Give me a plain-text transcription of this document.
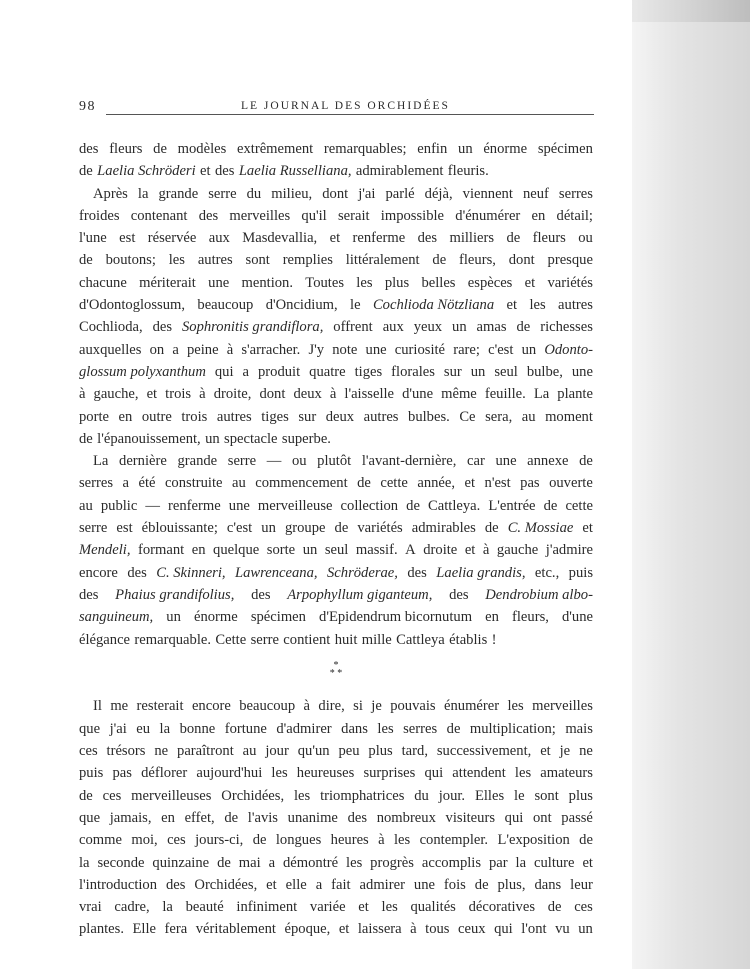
98	LE JOURNAL DES ORCHIDÉES
des fleurs de modèles extrêmement remarquables; enfin un énorme spécimen
de Laelia Schröderi et des Laelia Russelliana, admirablement fleuris.
Après la grande serre du milieu, dont j'ai parlé déjà, viennent neuf serres
froides contenant des merveilles qu'il serait impossible d'énumérer en détail;
l'une est réservée aux Masdevallia, et renferme des milliers de fleurs ou
de boutons; les autres sont remplies littéralement de fleurs, dont presque
chacune mériterait une mention. Toutes les plus belles espèces et variétés
d'Odontoglossum, beaucoup d'Oncidium, le Cochlioda Nötzliana et les autres
Cochlioda, des Sophronitis grandiflora, offrent aux yeux un amas de richesses
auxquelles on a peine à s'arracher. J'y note une curiosité rare; c'est un Odonto-
glossum polyxanthum qui a produit quatre tiges florales sur un seul bulbe, une
à gauche, et trois à droite, dont deux à l'aisselle d'une même feuille. La plante
porte en outre trois autres tiges sur deux autres bulbes. Ce sera, au moment
de l'épanouissement, un spectacle superbe.
La dernière grande serre — ou plutôt l'avant-dernière, car une annexe de
serres a été construite au commencement de cette année, et n'est pas ouverte
au public — renferme une merveilleuse collection de Cattleya. L'entrée de cette
serre est éblouissante; c'est un groupe de variétés admirables de C. Mossiae et
Mendeli, formant en quelque sorte un seul massif. A droite et à gauche j'admire
encore des C. Skinneri, Lawrenceana, Schröderae, des Laelia grandis, etc., puis
des Phaius grandifolius, des Arpophyllum giganteum, des Dendrobium albo-
sanguineum, un énorme spécimen d'Epidendrum bicornutum en fleurs, d'une
élégance remarquable. Cette serre contient huit mille Cattleya établis !
*
* *
Il me resterait encore beaucoup à dire, si je pouvais énumérer les merveilles
que j'ai eu la bonne fortune d'admirer dans les serres de multiplication; mais
ces trésors ne paraîtront au jour qu'un peu plus tard, successivement, et je ne
puis pas déflorer aujourd'hui les heureuses surprises qui attendent les amateurs
de ces merveilleuses Orchidées, les triomphatrices du jour. Elles le sont plus
que jamais, en effet, de l'avis unanime des nombreux visiteurs qui ont passé
comme moi, ces jours-ci, de longues heures à les contempler. L'exposition de
la seconde quinzaine de mai a démontré les progrès accomplis par la culture et
l'introduction des Orchidées, et elle a fait admirer une fois de plus, dans leur
vrai cadre, la beauté infiniment variée et les qualités décoratives de ces
plantes. Elle fera véritablement époque, et laissera à tous ceux qui l'ont vu un
